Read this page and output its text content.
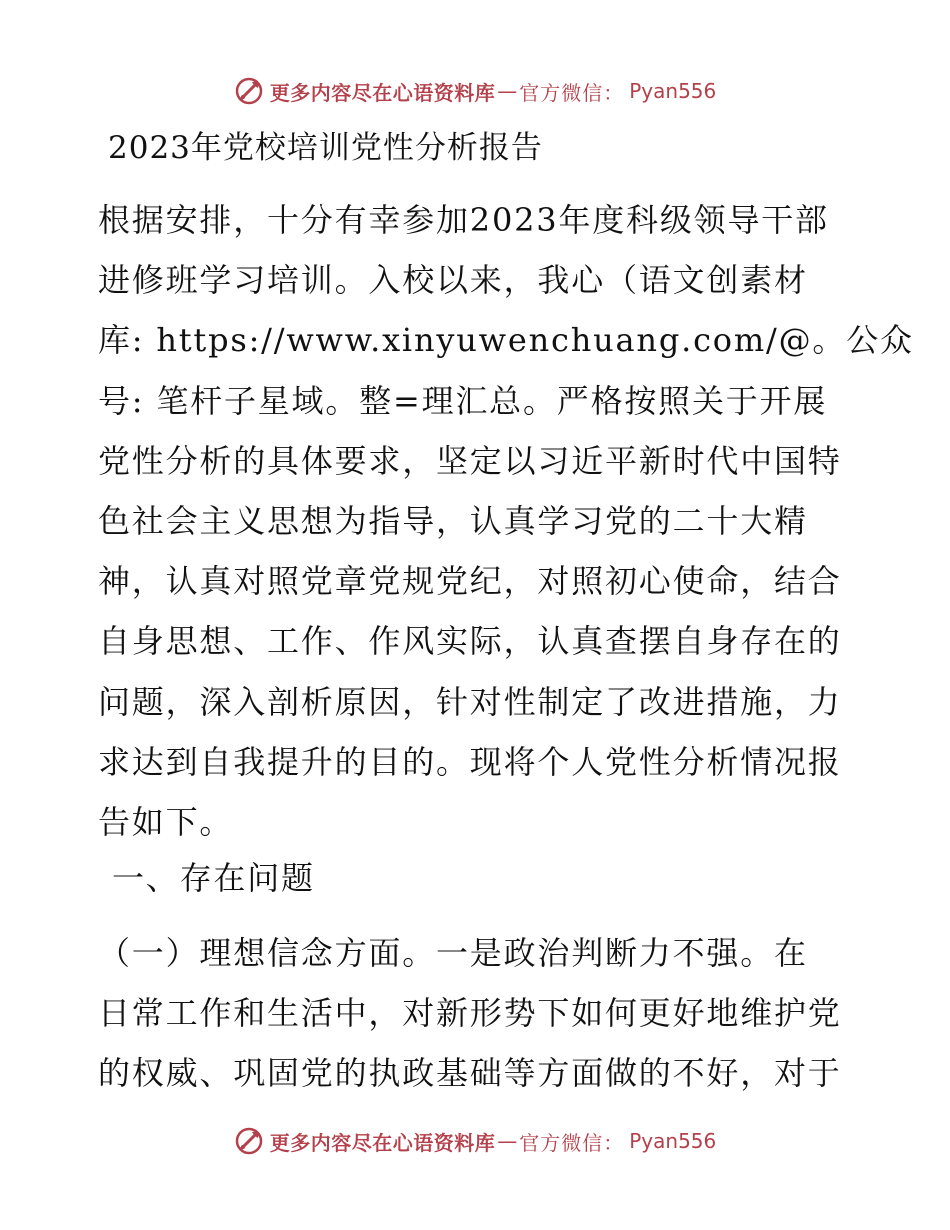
更多内容尽在心语资料库 — 官方微信 ： Pyan556
2023年党校培训党性分析报告
根据安排，十分有幸参加2023年度科级领导干部
进修班学习培训。入校以来，我心（语文创素材
库: https://www.xinyuwenchuang.com/@。公众
号: 笔杆子星域。整=理汇总。严格按照关于开展
党性分析的具体要求，坚定以习近平新时代中国特
色社会主义思想为指导，认真学习党的二十大精
神，认真对照党章党规党纪，对照初心使命，结合
自身思想、工作、作风实际，认真查摆自身存在的
问题，深入剖析原因，针对性制定了改进措施，力
求达到自我提升的目的。现将个人党性分析情况报
告如下。
一、存在问题
（一）理想信念方面。一是政治判断力不强。在
日常工作和生活中，对新形势下如何更好地维护党
的权威、巩固党的执政基础等方面做的不好，对于
更多内容尽在心语资料库 — 官方微信 ： Pyan556
